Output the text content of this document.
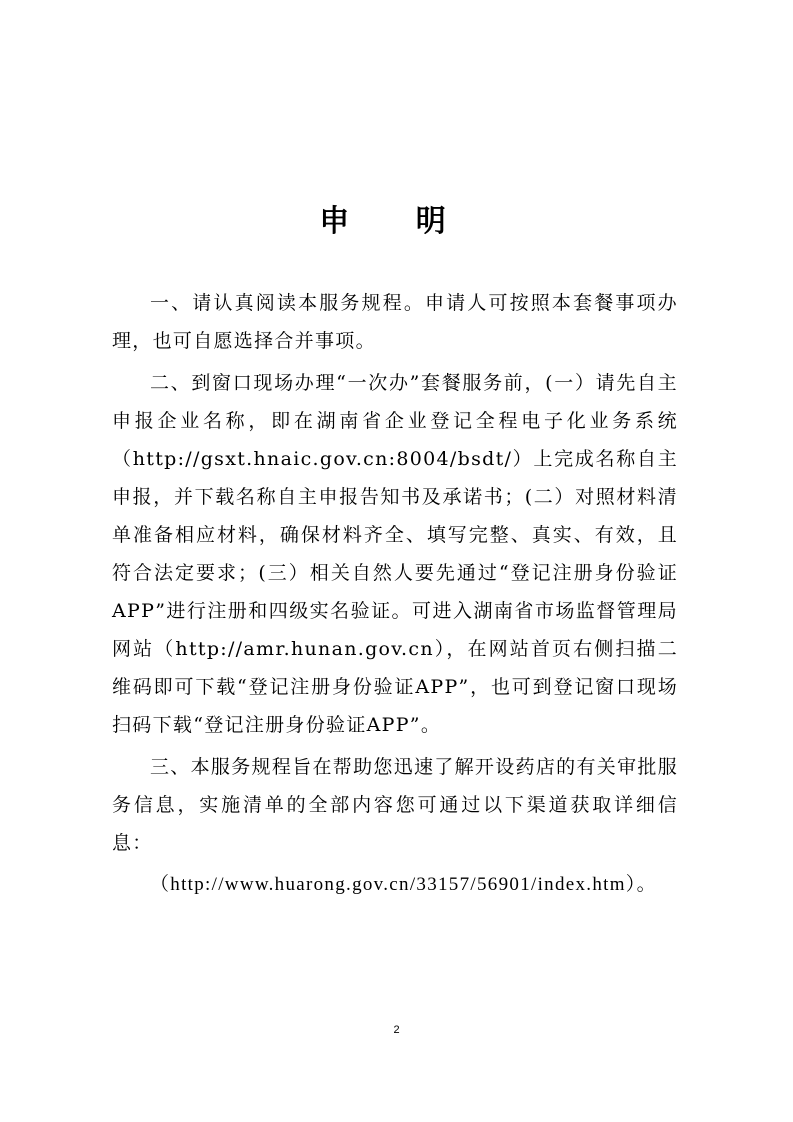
申 明

一、请认真阅读本服务规程。申请人可按照本套餐事项办理，也可自愿选择合并事项。

二、到窗口现场办理“一次办”套餐服务前，(一）请先自主申报企业名称，即在湖南省企业登记全程电子化业务系统（http://gsxt.hnaic.gov.cn:8004/bsdt/）上完成名称自主申报，并下载名称自主申报告知书及承诺书；(二）对照材料清单准备相应材料，确保材料齐全、填写完整、真实、有效，且符合法定要求；(三）相关自然人要先通过“登记注册身份验证APP”进行注册和四级实名验证。可进入湖南省市场监督管理局网站（http://amr.hunan.gov.cn），在网站首页右侧扫描二维码即可下载“登记注册身份验证APP”，也可到登记窗口现场扫码下载“登记注册身份验证APP”。

三、本服务规程旨在帮助您迅速了解开设药店的有关审批服务信息，实施清单的全部内容您可通过以下渠道获取详细信息：

（http://www.huarong.gov.cn/33157/56901/index.htm）。

2
